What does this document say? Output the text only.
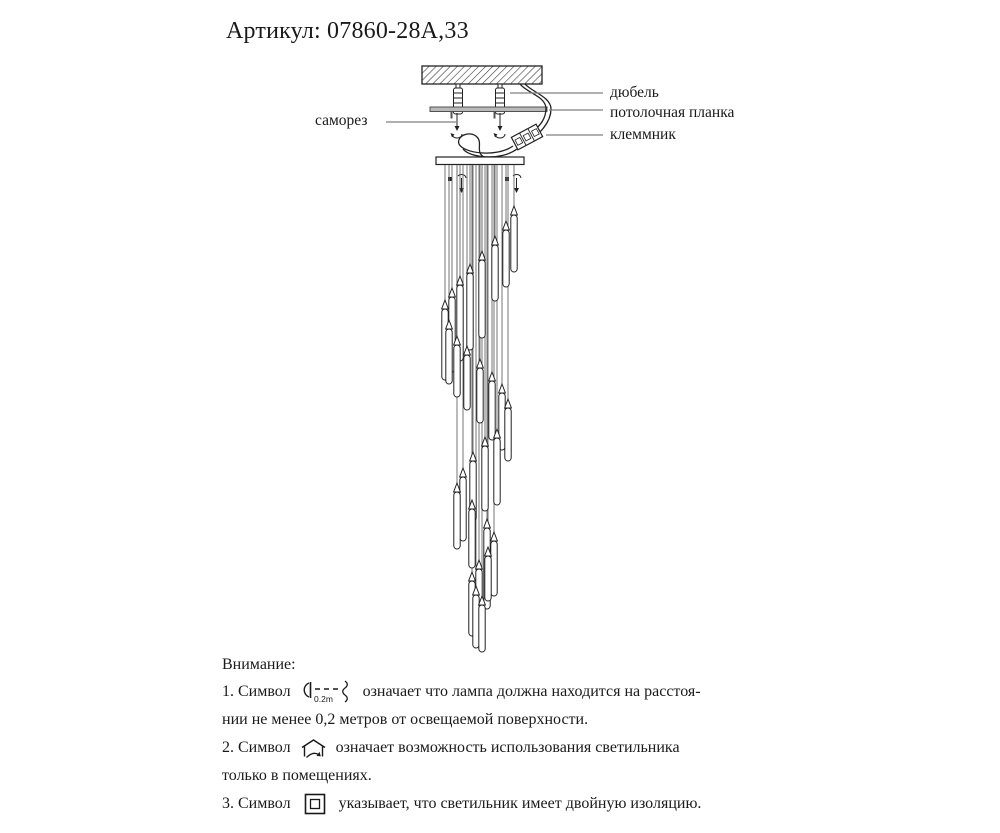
Артикул: 07860-28А,33
саморез
дюбель
потолочная планка
клеммник
Внимание:
1. Символ	0.2m означает что лампа должна находится на расстоя-
нии не менее 0,2 метров от освещаемой поверхности.
2. Символ	означает возможность использования светильника
только в помещениях.
3. Символ	указывает, что светильник имеет двойную изоляцию.
